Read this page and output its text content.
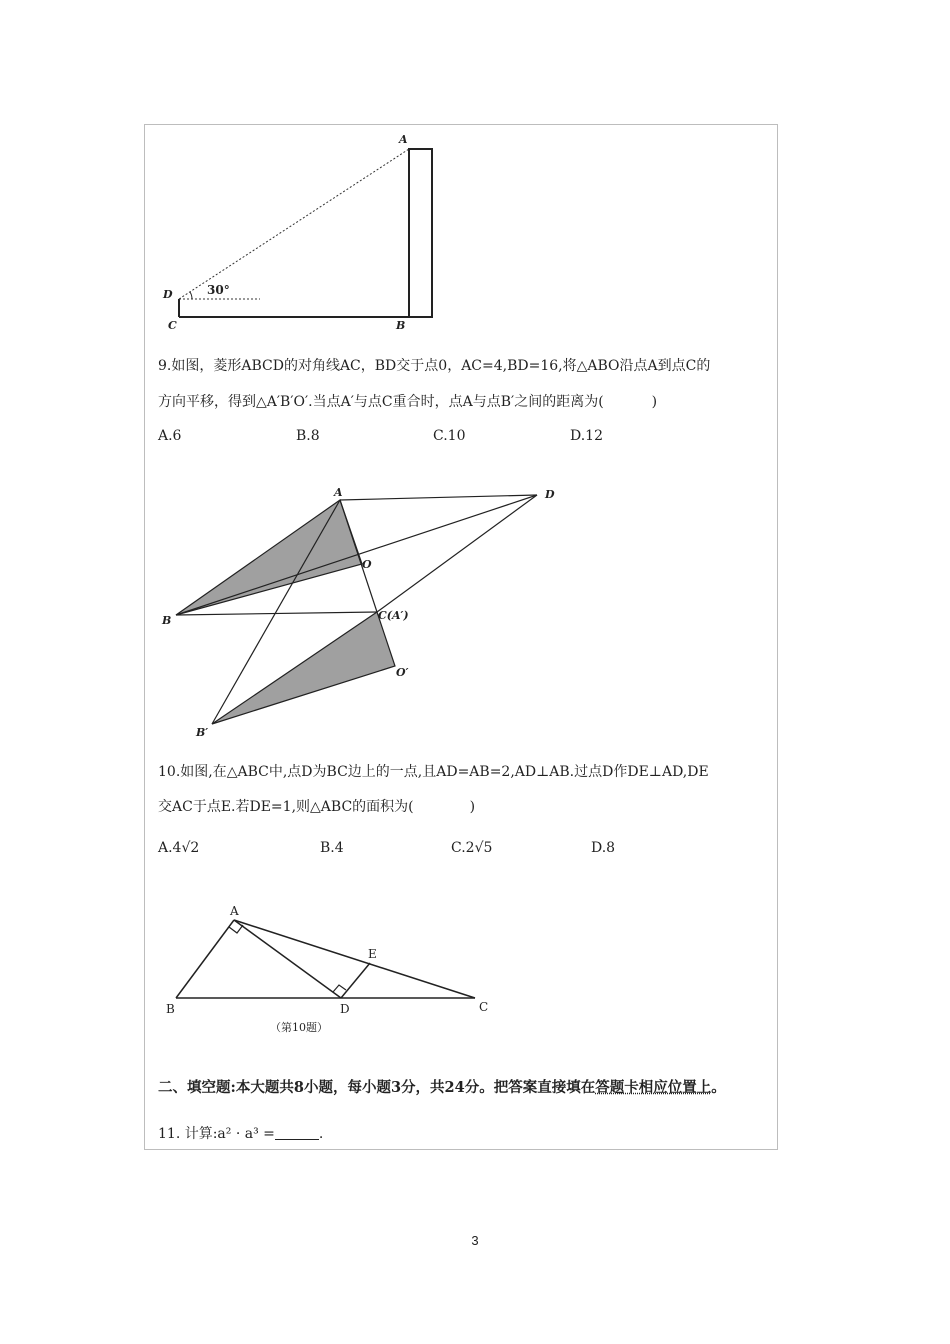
A
D
C	B
30°
9.如图，菱形ABCD的对角线AC，BD交于点0，AC=4,BD=16,将△ABO沿点A到点C的
方向平移，得到△A′B′O′.当点A′与点C重合时，点A与点B′之间的距离为(	)
A.6	B.8	C.10	D.12
A	D
O
B	C(A′)
O′
B′
10.如图,在△ABC中,点D为BC边上的一点,且AD=AB=2,AD⊥AB.过点D作DE⊥AD,DE
交AC于点E.若DE=1,则△ABC的面积为(	)
A.4√2	B.4	C.2√5	D.8
A
B	C
D
E
（第10题）
二、填空题:本大题共8小题，每小题3分，共24分。把答案直接填在答题卡相应位置上。
11. 计算:a² · a³ =	.
3
